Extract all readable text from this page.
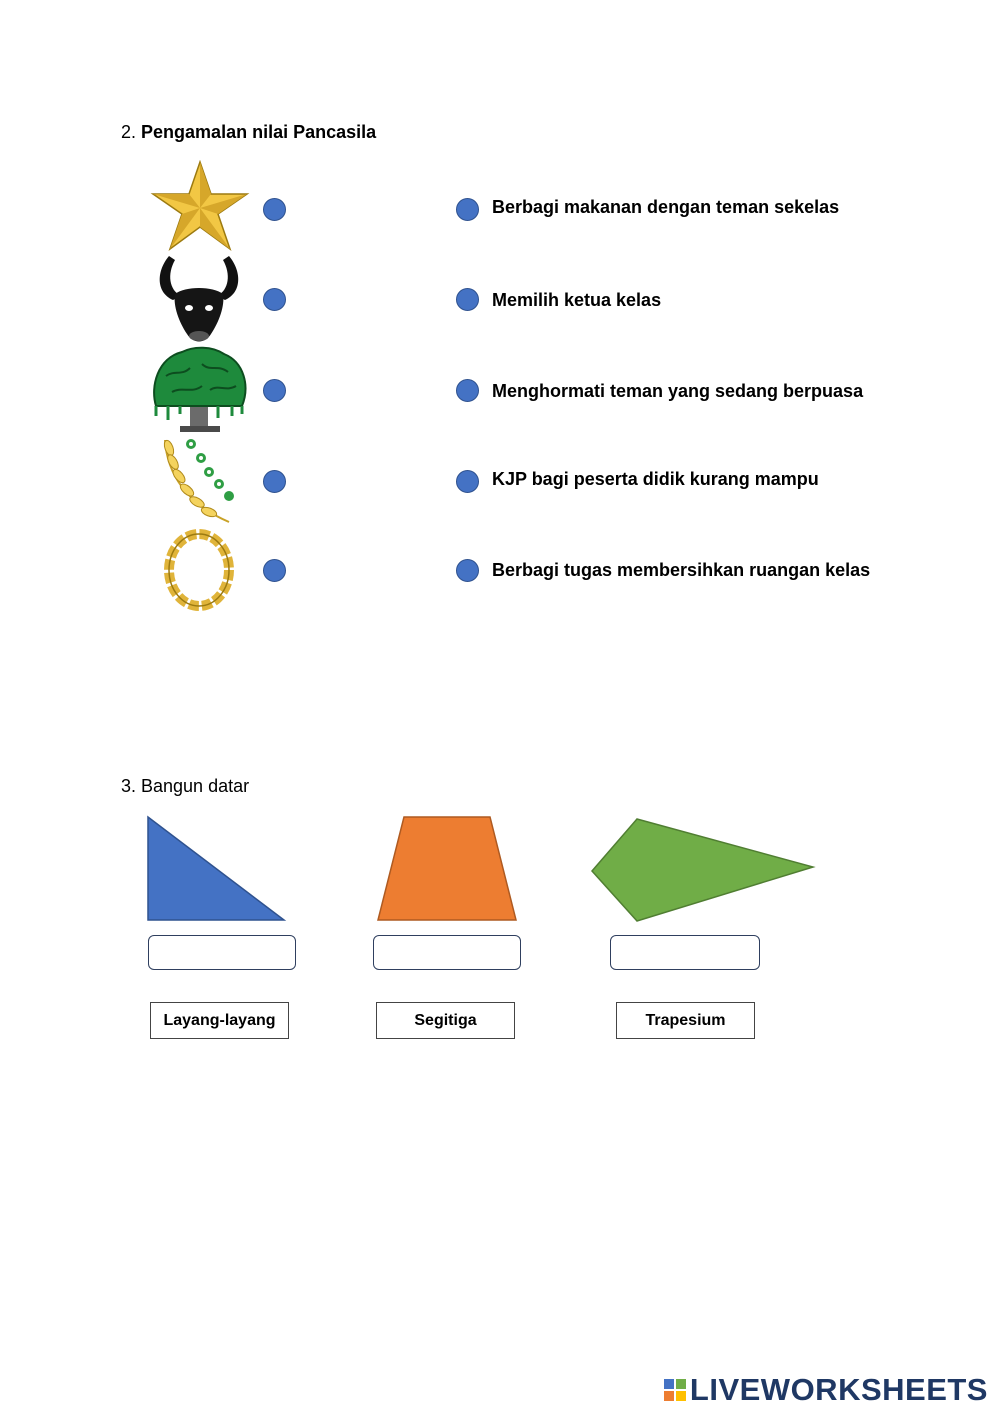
2. Pengamalan nilai Pancasila
Berbagi makanan dengan teman sekelas
Memilih ketua kelas
Menghormati teman yang sedang berpuasa
KJP bagi peserta didik kurang mampu
Berbagi tugas membersihkan ruangan kelas
3. Bangun datar
Layang-layang	Segitiga	Trapesium
LIVEWORKSHEETS
